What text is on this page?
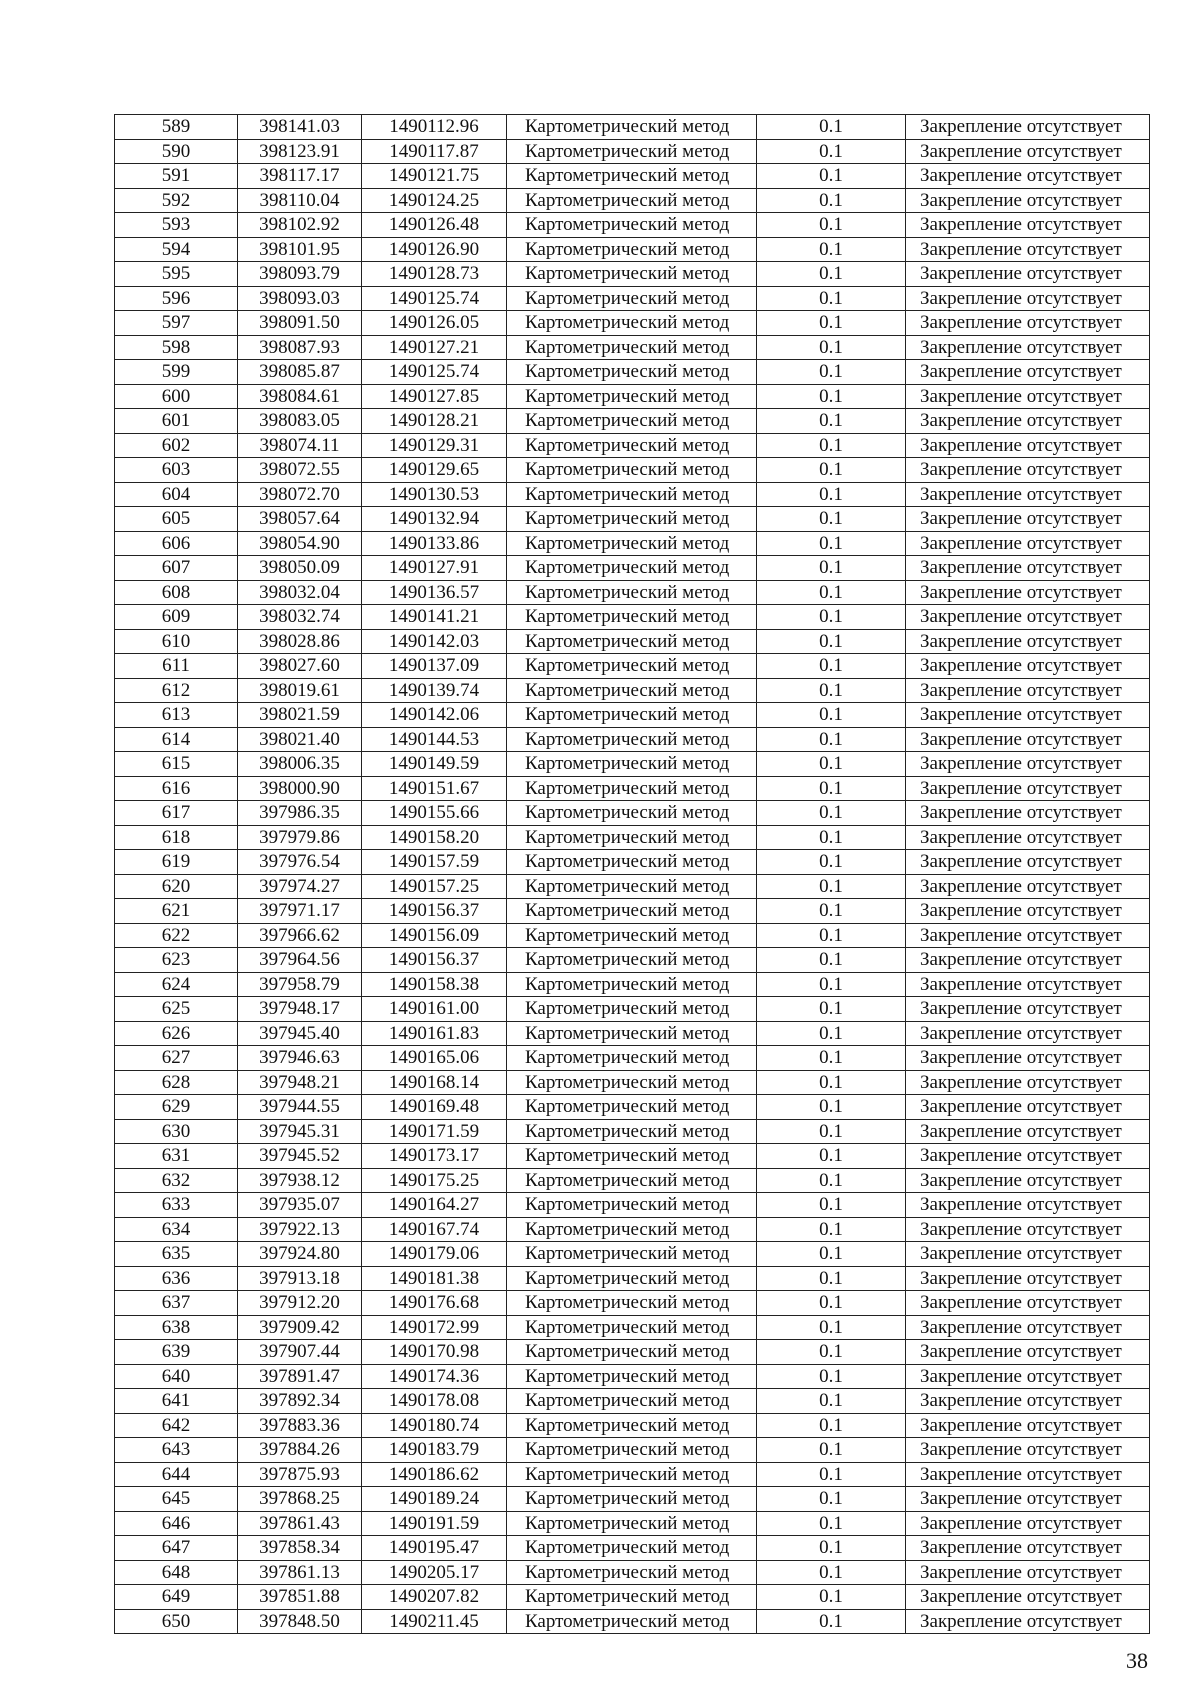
589	398141.03	1490112.96	Картометрический метод	0.1	Закрепление отсутствует
590	398123.91	1490117.87	Картометрический метод	0.1	Закрепление отсутствует
591	398117.17	1490121.75	Картометрический метод	0.1	Закрепление отсутствует
592	398110.04	1490124.25	Картометрический метод	0.1	Закрепление отсутствует
593	398102.92	1490126.48	Картометрический метод	0.1	Закрепление отсутствует
594	398101.95	1490126.90	Картометрический метод	0.1	Закрепление отсутствует
595	398093.79	1490128.73	Картометрический метод	0.1	Закрепление отсутствует
596	398093.03	1490125.74	Картометрический метод	0.1	Закрепление отсутствует
597	398091.50	1490126.05	Картометрический метод	0.1	Закрепление отсутствует
598	398087.93	1490127.21	Картометрический метод	0.1	Закрепление отсутствует
599	398085.87	1490125.74	Картометрический метод	0.1	Закрепление отсутствует
600	398084.61	1490127.85	Картометрический метод	0.1	Закрепление отсутствует
601	398083.05	1490128.21	Картометрический метод	0.1	Закрепление отсутствует
602	398074.11	1490129.31	Картометрический метод	0.1	Закрепление отсутствует
603	398072.55	1490129.65	Картометрический метод	0.1	Закрепление отсутствует
604	398072.70	1490130.53	Картометрический метод	0.1	Закрепление отсутствует
605	398057.64	1490132.94	Картометрический метод	0.1	Закрепление отсутствует
606	398054.90	1490133.86	Картометрический метод	0.1	Закрепление отсутствует
607	398050.09	1490127.91	Картометрический метод	0.1	Закрепление отсутствует
608	398032.04	1490136.57	Картометрический метод	0.1	Закрепление отсутствует
609	398032.74	1490141.21	Картометрический метод	0.1	Закрепление отсутствует
610	398028.86	1490142.03	Картометрический метод	0.1	Закрепление отсутствует
611	398027.60	1490137.09	Картометрический метод	0.1	Закрепление отсутствует
612	398019.61	1490139.74	Картометрический метод	0.1	Закрепление отсутствует
613	398021.59	1490142.06	Картометрический метод	0.1	Закрепление отсутствует
614	398021.40	1490144.53	Картометрический метод	0.1	Закрепление отсутствует
615	398006.35	1490149.59	Картометрический метод	0.1	Закрепление отсутствует
616	398000.90	1490151.67	Картометрический метод	0.1	Закрепление отсутствует
617	397986.35	1490155.66	Картометрический метод	0.1	Закрепление отсутствует
618	397979.86	1490158.20	Картометрический метод	0.1	Закрепление отсутствует
619	397976.54	1490157.59	Картометрический метод	0.1	Закрепление отсутствует
620	397974.27	1490157.25	Картометрический метод	0.1	Закрепление отсутствует
621	397971.17	1490156.37	Картометрический метод	0.1	Закрепление отсутствует
622	397966.62	1490156.09	Картометрический метод	0.1	Закрепление отсутствует
623	397964.56	1490156.37	Картометрический метод	0.1	Закрепление отсутствует
624	397958.79	1490158.38	Картометрический метод	0.1	Закрепление отсутствует
625	397948.17	1490161.00	Картометрический метод	0.1	Закрепление отсутствует
626	397945.40	1490161.83	Картометрический метод	0.1	Закрепление отсутствует
627	397946.63	1490165.06	Картометрический метод	0.1	Закрепление отсутствует
628	397948.21	1490168.14	Картометрический метод	0.1	Закрепление отсутствует
629	397944.55	1490169.48	Картометрический метод	0.1	Закрепление отсутствует
630	397945.31	1490171.59	Картометрический метод	0.1	Закрепление отсутствует
631	397945.52	1490173.17	Картометрический метод	0.1	Закрепление отсутствует
632	397938.12	1490175.25	Картометрический метод	0.1	Закрепление отсутствует
633	397935.07	1490164.27	Картометрический метод	0.1	Закрепление отсутствует
634	397922.13	1490167.74	Картометрический метод	0.1	Закрепление отсутствует
635	397924.80	1490179.06	Картометрический метод	0.1	Закрепление отсутствует
636	397913.18	1490181.38	Картометрический метод	0.1	Закрепление отсутствует
637	397912.20	1490176.68	Картометрический метод	0.1	Закрепление отсутствует
638	397909.42	1490172.99	Картометрический метод	0.1	Закрепление отсутствует
639	397907.44	1490170.98	Картометрический метод	0.1	Закрепление отсутствует
640	397891.47	1490174.36	Картометрический метод	0.1	Закрепление отсутствует
641	397892.34	1490178.08	Картометрический метод	0.1	Закрепление отсутствует
642	397883.36	1490180.74	Картометрический метод	0.1	Закрепление отсутствует
643	397884.26	1490183.79	Картометрический метод	0.1	Закрепление отсутствует
644	397875.93	1490186.62	Картометрический метод	0.1	Закрепление отсутствует
645	397868.25	1490189.24	Картометрический метод	0.1	Закрепление отсутствует
646	397861.43	1490191.59	Картометрический метод	0.1	Закрепление отсутствует
647	397858.34	1490195.47	Картометрический метод	0.1	Закрепление отсутствует
648	397861.13	1490205.17	Картометрический метод	0.1	Закрепление отсутствует
649	397851.88	1490207.82	Картометрический метод	0.1	Закрепление отсутствует
650	397848.50	1490211.45	Картометрический метод	0.1	Закрепление отсутствует
38
